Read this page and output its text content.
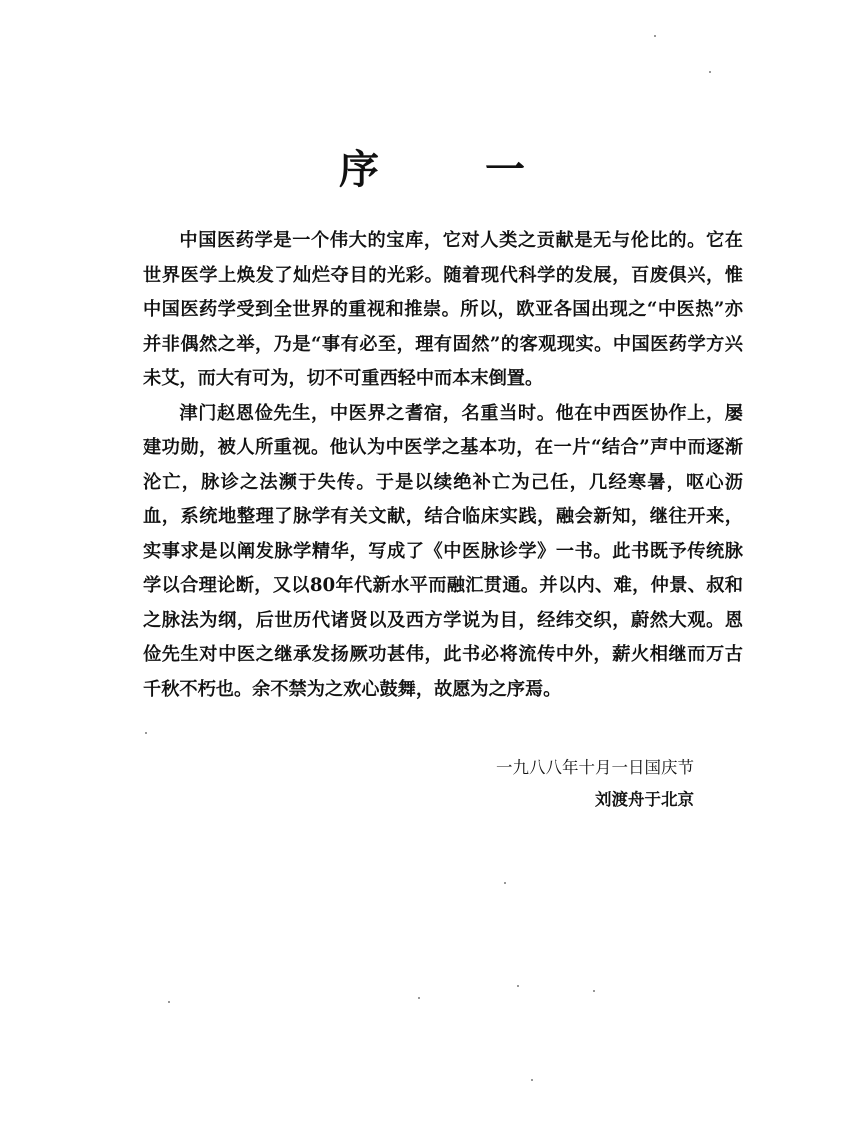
序	一

中国医药学是一个伟大的宝库，它对人类之贡献是无与伦比的。它在世界医学上焕发了灿烂夺目的光彩。随着现代科学的发展，百废俱兴，惟中国医药学受到全世界的重视和推崇。所以，欧亚各国出现之“中医热”亦并非偶然之举，乃是“事有必至，理有固然”的客观现实。中国医药学方兴未艾，而大有可为，切不可重西轻中而本末倒置。

津门赵恩俭先生，中医界之耆宿，名重当时。他在中西医协作上，屡建功勋，被人所重视。他认为中医学之基本功，在一片“结合”声中而逐渐沦亡，脉诊之法濒于失传。于是以续绝补亡为己任，几经寒暑，呕心沥血，系统地整理了脉学有关文献，结合临床实践，融会新知，继往开来，实事求是以阐发脉学精华，写成了《中医脉诊学》一书。此书既予传统脉学以合理论断，又以80年代新水平而融汇贯通。并以内、难，仲景、叔和之脉法为纲，后世历代诸贤以及西方学说为目，经纬交织，蔚然大观。恩俭先生对中医之继承发扬厥功甚伟，此书必将流传中外，薪火相继而万古千秋不朽也。余不禁为之欢心鼓舞，故愿为之序焉。

一九八八年十月一日国庆节
刘渡舟于北京
